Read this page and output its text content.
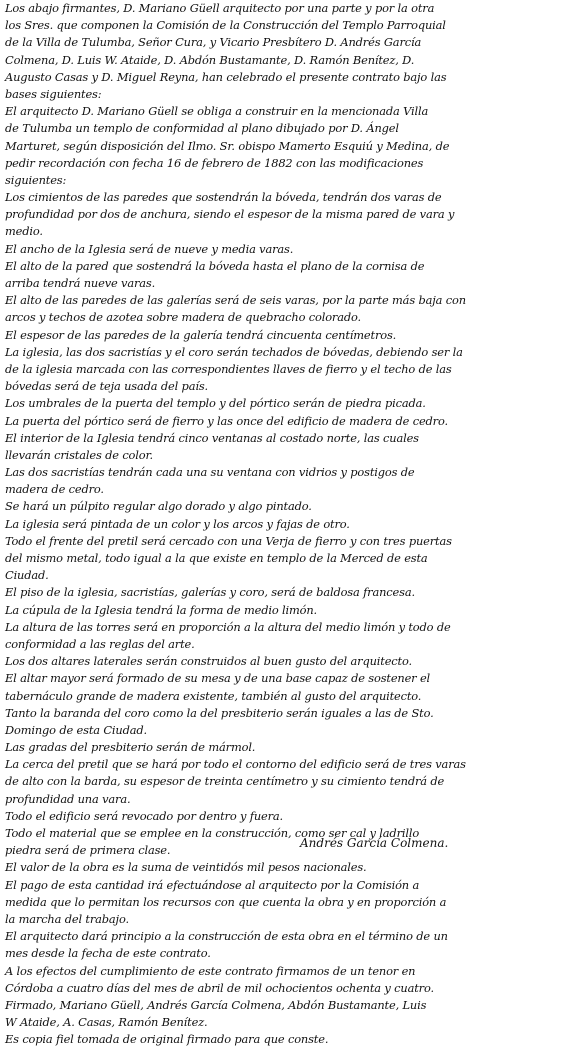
Los abajo firmantes, D. Mariano Güell arquitecto por una parte y por la otra
los Sres. que componen la Comisión de la Construcción del Templo Parroquial
de la Villa de Tulumba, Señor Cura, y Vicario Presbítero D. Andrés García
Colmena, D. Luis W. Ataide, D. Abdón Bustamante, D. Ramón Benítez, D.
Augusto Casas y D. Miguel Reyna, han celebrado el presente contrato bajo las
bases siguientes:
El arquitecto D. Mariano Güell se obliga a construir en la mencionada Villa
de Tulumba un templo de conformidad al plano dibujado por D. Ángel
Marturet, según disposición del Ilmo. Sr. obispo Mamerto Esquiú y Medina, de
pedir recordación con fecha 16 de febrero de 1882 con las modificaciones
siguientes:
Los cimientos de las paredes que sostendrán la bóveda, tendrán dos varas de
profundidad por dos de anchura, siendo el espesor de la misma pared de vara y
medio.
El ancho de la Iglesia será de nueve y media varas.
El alto de la pared que sostendrá la bóveda hasta el plano de la cornisa de
arriba tendrá nueve varas.
El alto de las paredes de las galerías será de seis varas, por la parte más baja con
arcos y techos de azotea sobre madera de quebracho colorado.
El espesor de las paredes de la galería tendrá cincuenta centímetros.
La iglesia, las dos sacristías y el coro serán techados de bóvedas, debiendo ser la
de la iglesia marcada con las correspondientes llaves de fierro y el techo de las
bóvedas será de teja usada del país.
Los umbrales de la puerta del templo y del pórtico serán de piedra picada.
La puerta del pórtico será de fierro y las once del edificio de madera de cedro.
El interior de la Iglesia tendrá cinco ventanas al costado norte, las cuales
llevarán cristales de color.
Las dos sacristías tendrán cada una su ventana con vidrios y postigos de
madera de cedro.
Se hará un púlpito regular algo dorado y algo pintado.
La iglesia será pintada de un color y los arcos y fajas de otro.
Todo el frente del pretil será cercado con una Verja de fierro y con tres puertas
del mismo metal, todo igual a la que existe en templo de la Merced de esta
Ciudad.
El piso de la iglesia, sacristías, galerías y coro, será de baldosa francesa.
La cúpula de la Iglesia tendrá la forma de medio limón.
La altura de las torres será en proporción a la altura del medio limón y todo de
conformidad a las reglas del arte.
Los dos altares laterales serán construidos al buen gusto del arquitecto.
El altar mayor será formado de su mesa y de una base capaz de sostener el
tabernáculo grande de madera existente, también al gusto del arquitecto.
Tanto la baranda del coro como la del presbiterio serán iguales a las de Sto.
Domingo de esta Ciudad.
Las gradas del presbiterio serán de mármol.
La cerca del pretil que se hará por todo el contorno del edificio será de tres varas
de alto con la barda, su espesor de treinta centímetro y su cimiento tendrá de
profundidad una vara.
Todo el edificio será revocado por dentro y fuera.
Todo el material que se emplee en la construcción, como ser cal y ladrillo
piedra será de primera clase.
El valor de la obra es la suma de veintidós mil pesos nacionales.
El pago de esta cantidad irá efectuándose al arquitecto por la Comisión a
medida que lo permitan los recursos con que cuenta la obra y en proporción a
la marcha del trabajo.
El arquitecto dará principio a la construcción de esta obra en el término de un
mes desde la fecha de este contrato.
A los efectos del cumplimiento de este contrato firmamos de un tenor en
Córdoba a cuatro días del mes de abril de mil ochocientos ochenta y cuatro.
Firmado, Mariano Güell, Andrés García Colmena, Abdón Bustamante, Luis
W Ataide, A. Casas, Ramón Benítez.
Es copia fiel tomada de original firmado para que conste.
Andrés García Colmena.
